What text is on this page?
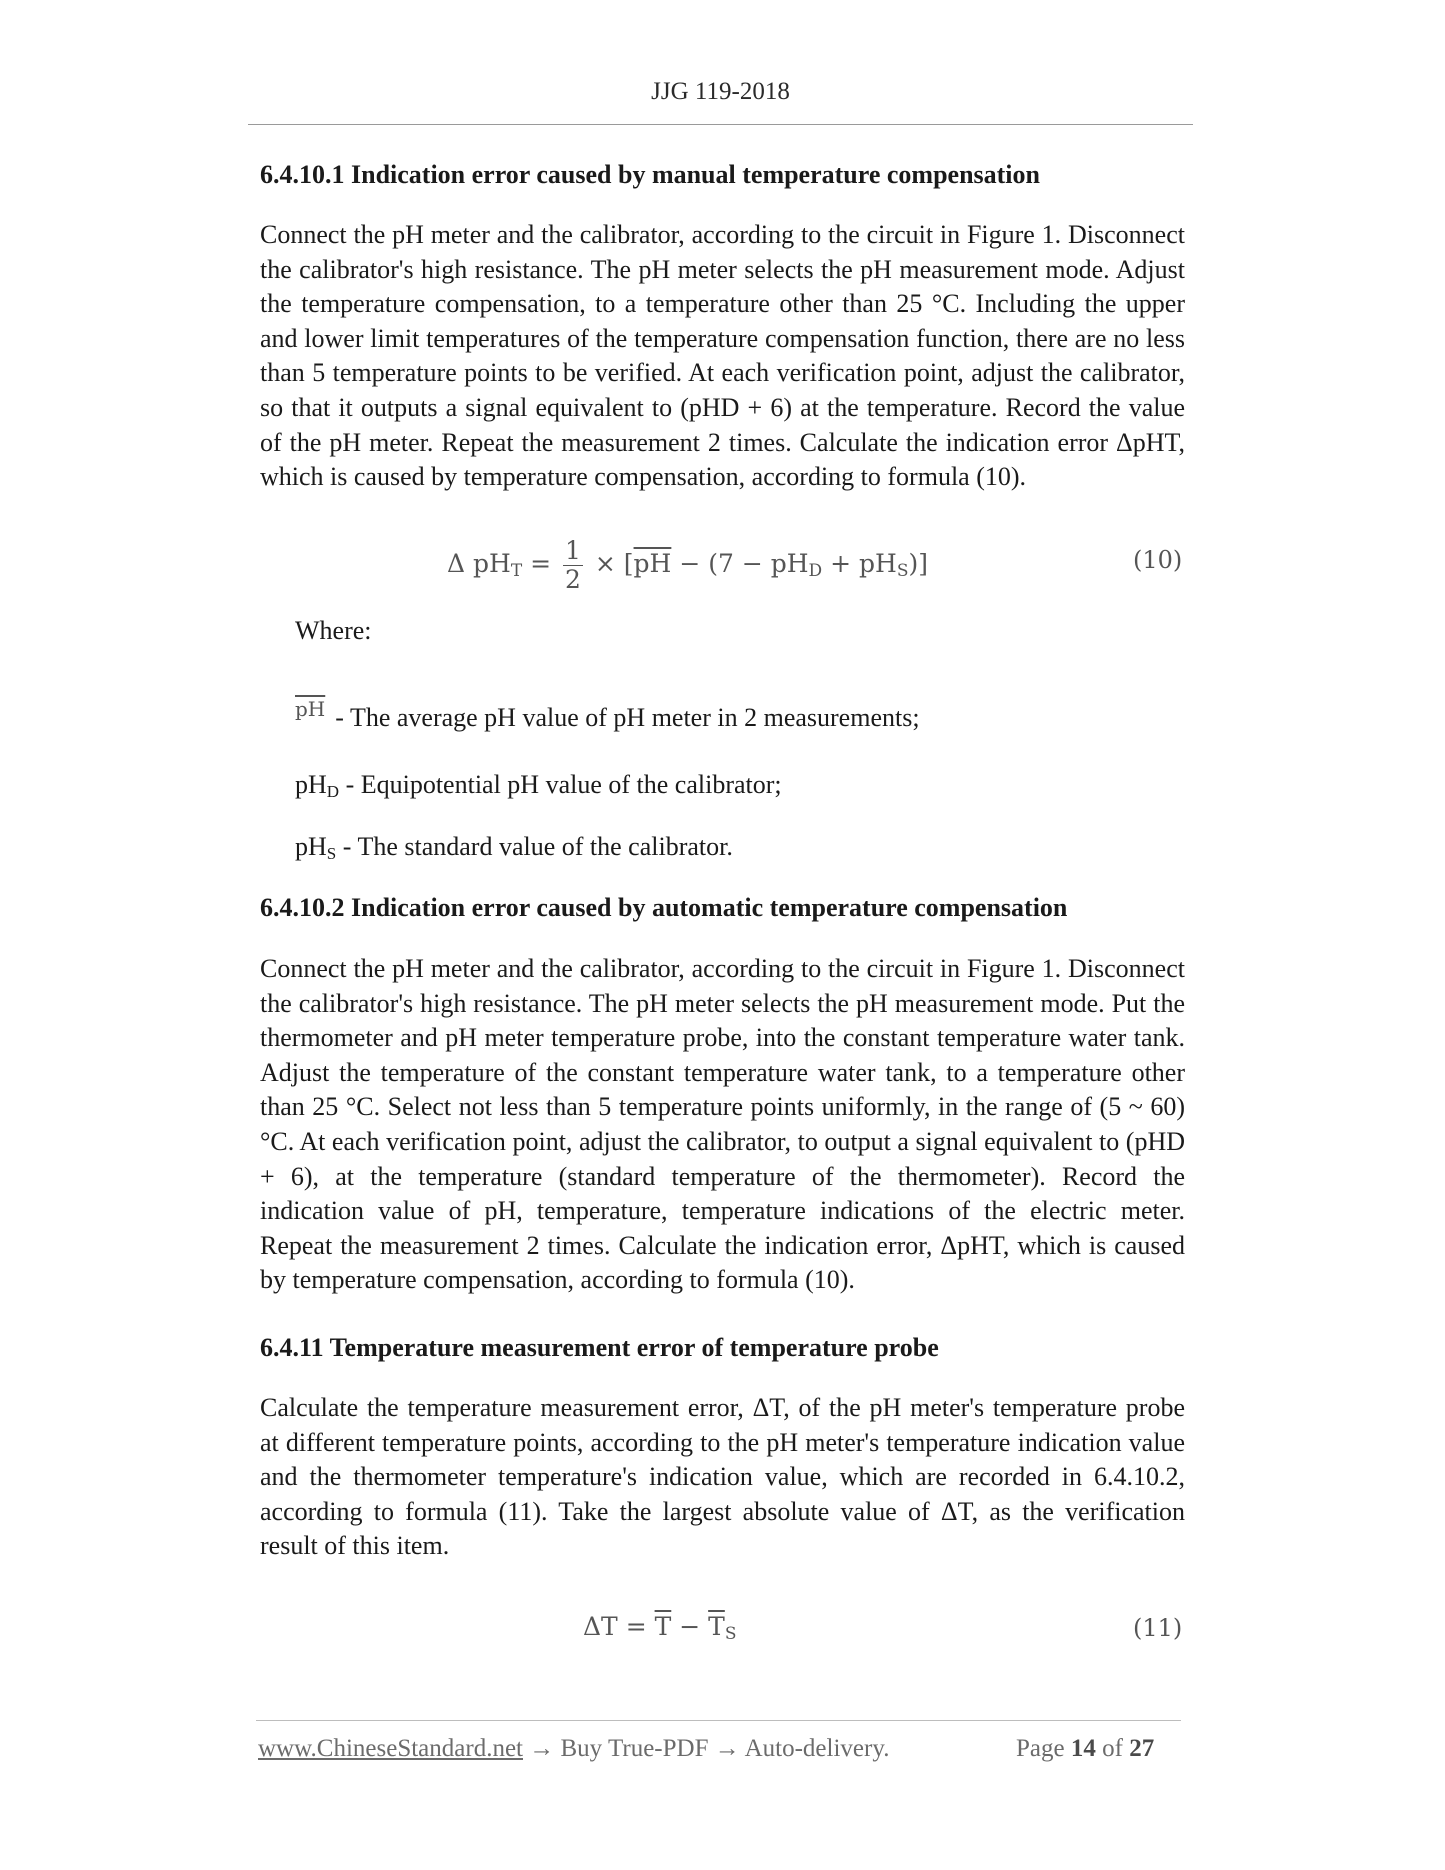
JJG 119-2018
6.4.10.1 Indication error caused by manual temperature compensation
Connect the pH meter and the calibrator, according to the circuit in Figure 1. Disconnect the calibrator's high resistance. The pH meter selects the pH measurement mode. Adjust the temperature compensation, to a temperature other than 25 °C. Including the upper and lower limit temperatures of the temperature compensation function, there are no less than 5 temperature points to be verified. At each verification point, adjust the calibrator, so that it outputs a signal equivalent to (pHD + 6) at the temperature. Record the value of the pH meter. Repeat the measurement 2 times. Calculate the indication error ΔpHT, which is caused by temperature compensation, according to formula (10).
Δ $pH_T = \frac{1}{2} \times [\overline{pH} - (7 - pH_D + pH_S)]$	(10)
Where:
$\overline{pH}$ - The average pH value of pH meter in 2 measurements;
$pH_D$ - Equipotential pH value of the calibrator;
$pH_S$ - The standard value of the calibrator.
6.4.10.2 Indication error caused by automatic temperature compensation
Connect the pH meter and the calibrator, according to the circuit in Figure 1. Disconnect the calibrator's high resistance. The pH meter selects the pH measurement mode. Put the thermometer and pH meter temperature probe, into the constant temperature water tank. Adjust the temperature of the constant temperature water tank, to a temperature other than 25 °C. Select not less than 5 temperature points uniformly, in the range of (5 ~ 60) °C. At each verification point, adjust the calibrator, to output a signal equivalent to (pHD + 6), at the temperature (standard temperature of the thermometer). Record the indication value of pH, temperature, temperature indications of the electric meter. Repeat the measurement 2 times. Calculate the indication error, ΔpHT, which is caused by temperature compensation, according to formula (10).
6.4.11 Temperature measurement error of temperature probe
Calculate the temperature measurement error, ΔT, of the pH meter's temperature probe at different temperature points, according to the pH meter's temperature indication value and the thermometer temperature's indication value, which are recorded in 6.4.10.2, according to formula (11). Take the largest absolute value of ΔT, as the verification result of this item.
$\Delta T = \overline{T} - \overline{T}_S$	(11)
www.ChineseStandard.net → Buy True-PDF → Auto-delivery.	Page 14 of 27
